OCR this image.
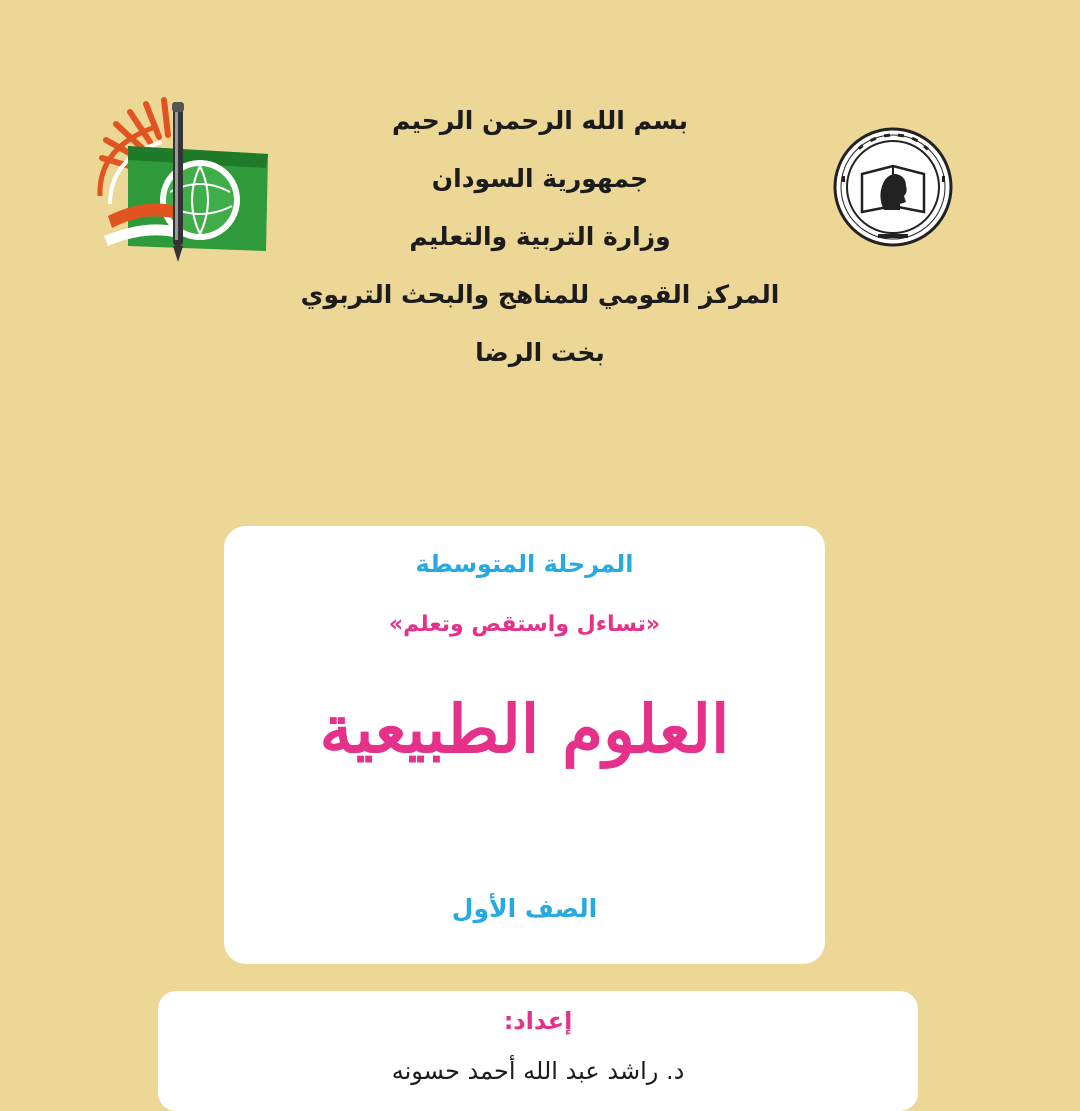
بسم الله الرحمن الرحيم
جمهورية السودان
وزارة التربية والتعليم
المركز القومي للمناهج والبحث التربوي
بخت الرضا
المرحلة المتوسطة
«تساءل واستقص وتعلم»
العلوم الطبيعية
الصف الأول
إعداد:
د. راشد عبد الله أحمد حسونه
